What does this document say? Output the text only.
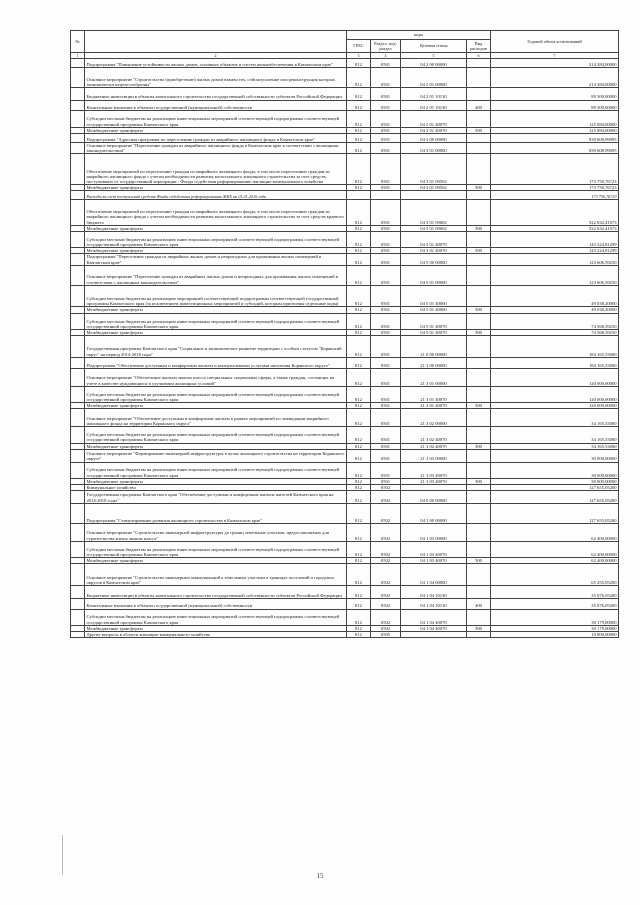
№		коды				Годовой объем ассигнований
		ГРБС	Раздел, под- раздел	Целевая статья	Вид расходов	
1	2	3	4	5	6	7
	Подпрограмма "Повышение устойчивости жилых домов, основных объектов и систем жизнеобеспечения в Камчатском крае"	812	0501	04 2 00 00000		214 384,00000
	Основное мероприятие "Строительство (приобретение) жилых домов взамен тех, сейсмоусиление или реконструкция которых экономически нецелесообразны"	812	0501	04 2 01 00000		214 384,00000
	Бюджетные инвестиции в объекты капитального строительства государственной собственности субъектов Российской Федерации	812	0501	04 2 01 10130		89 300,00000
	Капитальные вложения в объекты государственной (муниципальной) собственности	812	0501	04 2 01 10130	400	89 300,00000
	Субсидии местным бюджетам на реализацию инвестиционных мероприятий соответствующей подпрограммы соответствующей государственной программы Камчатского края	812	0501	04 2 01 40070		125 084,00000
	Межбюджетные трансферты	812	0501	04 2 01 40070	500	125 084,00000
	Подпрограмма "Адресная программа по переселению граждан из аварийного жилищного фонда в Камчатском крае"	812	0501	04 3 00 00000		839 608,99095
	Основное мероприятие "Переселение граждан из аварийного жилищного фонда в Камчатском крае в соответствии с жилищным законодательством"	812	0501	04 3 01 00000		839 608,99095
	Обеспечение мероприятий по переселению граждан из аварийного жилищного фонда, в том числе переселению граждан из аварийного жилищного фонда с учетом необходимости развития малоэтажного жилищного строительства за счет средств, поступивших от государственной корпорации - Фонда содействия реформированию жилищно-коммунального хозяйства	812	0501	04 3 01 09502		173 750,76723
	Межбюджетные трансферты	812	0501	04 3 01 09502	500	173 750,76723
	Расходы за счет поступлений средств Фонда содействия реформированию ЖКХ на 01.01.2016 года					173 750,76723
	Обеспечение мероприятий по переселению граждан из аварийного жилищного фонда, в том числе переселению граждан из аварийного жилищного фонда с учетом необходимости развития малоэтажного жилищного строительства за счет средств краевого бюджета	812	0501	04 3 01 09602		522 632,41073
	Межбюджетные трансферты	812	0501	04 3 01 09602	500	522 632,41073
	Субсидии местным бюджетам на реализацию инвестиционных мероприятий соответствующей подпрограммы соответствующей государственной программы Камчатского края	812	0501	04 3 01 40070		143 224,81299
	Межбюджетные трансферты	812	0501	04 3 01 40070	500	143 224,81299
	Подпрограмма "Переселение граждан из аварийных жилых домов и непригодных для проживания жилых помещений в Камчатском крае"	812	0501	04 5 00 00000		123 606,59250
	Основное мероприятие "Переселение граждан из аварийных жилых домов и непригодных для проживания жилых помещений в соответствии с жилищным законодательством"	812	0501	04 5 01 00000		123 606,59250
	Субсидии местным бюджетам на реализацию мероприятий соответствующей подпрограммы соответствующей государственной программы Камчатского края (за исключением инвестиционных мероприятий и субсидий, которым присвоены отдельные коды)	812	0501	04 5 01 40060		49 038,20000
	Межбюджетные трансферты	812	0501	04 5 01 40060	500	49 038,20000
	Субсидии местным бюджетам на реализацию инвестиционных мероприятий соответствующей подпрограммы соответствующей государственной программы Камчатского края	812	0501	04 5 01 40070		74 568,39250
	Межбюджетные трансферты	812	0501	04 5 01 40070	500	74 568,39250
	Государственная программа Камчатского края "Социальное и экономическое развитие территории с особым статусом "Корякский округ" на период 2014-2018 годы"	812	0501	21 0 00 00000		184 165,53000
	Подпрограмма "Обеспечение доступным и комфортным жильем и коммунальными услугами населения Корякского округа"	812	0501	21 3 00 00000		184 165,53000
	Основное мероприятие "Обеспечение жильем эконом класса специальных социальных сферы, а также граждан, состоящих на учете в качестве нуждающихся в улучшении жилищных условий"	812	0501	21 3 01 00000		120 000,00000
	Субсидии местным бюджетам на реализацию инвестиционных мероприятий соответствующей подпрограммы соответствующей государственной программы Камчатского края	812	0501	21 3 01 40070		120 000,00000
	Межбюджетные трансферты	812	0501	21 3 01 40070	500	120 000,00000
	Основное мероприятие "Обеспечение доступным и комфортным жильем в рамках мероприятий по ликвидации аварийного жилищного фонда на территории Корякского округа"	812	0501	21 3 02 00000		34 165,53000
	Субсидии местным бюджетам на реализацию инвестиционных мероприятий соответствующей подпрограммы соответствующей государственной программы Камчатского края	812	0501	21 3 02 40070		34 165,53000
	Межбюджетные трансферты	812	0501	21 3 02 40070	500	34 165,53000
	Основное мероприятие "Формирование инженерной инфраструктуры в целях жилищного строительства на территории Корякского округа"	812	0501	21 3 03 00000		30 000,00000
	Субсидии местным бюджетам на реализацию инвестиционных мероприятий соответствующей подпрограммы соответствующей государственной программы Камчатского края	812	0501	21 3 03 40070		30 000,00000
	Межбюджетные трансферты	812	0501	21 3 03 40070	500	30 000,00000
	Коммунальное хозяйство	812	0502			127 655,05200
	Государственная программа Камчатского края "Обеспечение доступным и комфортным жильем жителей Камчатского края на 2014-2018 годы"	812	0502	04 0 00 00000		127 655,05200
	Подпрограмма "Стимулирование развития жилищного строительства в Камчатском крае"	812	0502	04 1 00 00000		127 655,05200
	Основное мероприятие "Строительство инженерной инфраструктуры до границ земельных участков, предоставляемых для строительства жилья эконом класса"	812	0502	04 1 03 00000		62 400,00000
	Субсидии местным бюджетам на реализацию инвестиционных мероприятий соответствующей подпрограммы соответствующей государственной программы Камчатского края	812	0502	04 1 03 40070		62 400,00000
	Межбюджетные трансферты	812	0502	04 1 03 40070	500	62 400,00000
	Основное мероприятие "Строительство инженерных коммуникаций к земельным участкам в границах поселений и городских округов в Камчатском крае"	812	0502	04 1 04 00000		65 255,05200
	Бюджетные инвестиции в объекты капитального строительства государственной собственности субъектов Российской Федерации	812	0502	04 1 04 10130		35 076,05200
	Капитальные вложения в объекты государственной (муниципальной) собственности	812	0502	04 1 04 10130	400	35 076,05200
	Субсидии местным бюджетам на реализацию инвестиционных мероприятий соответствующей подпрограммы соответствующей государственной программы Камчатского края	812	0502	04 1 04 40070		30 179,00000
	Межбюджетные трансферты	812	0502	04 1 04 40070	500	30 179,00000
	Другие вопросы в области жилищно-коммунального хозяйства	812	0505			10 000,00000
15
